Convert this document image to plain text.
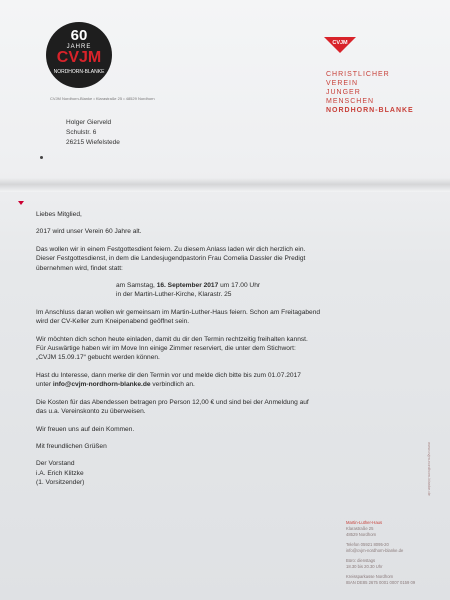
60
JAHRE
CVJM
NORDHORN-BLANKE
CVJM
CHRISTLICHER
VEREIN
JUNGER
MENSCHEN
NORDHORN-BLANKE
CVJM Nordhorn-Blanke • Klarastraße 25 • 48529 Nordhorn
Holger Gierveld
Schulstr. 6
26215 Wiefelstede

Liebes Mitglied,

2017 wird unser Verein 60 Jahre alt.

Das wollen wir in einem Festgottesdient feiern. Zu diesem Anlass laden wir dich herzlich ein.

Dieser Festgottesdienst, in dem die Landesjugendpastorin Frau Cornelia Dassler die Predigt

übernehmen wird, findet statt:

am Samstag, 16. September 2017 um 17.00 Uhr

in der Martin-Luther-Kirche, Klarastr. 25

Im Anschluss daran wollen wir gemeinsam im Martin-Luther-Haus feiern. Schon am Freitagabend

wird der CV-Keller zum Kneipenabend geöffnet sein.

Wir möchten dich schon heute einladen, damit du dir den Termin rechtzeitig freihalten kannst.

Für Auswärtige haben wir im Move Inn einige Zimmer reserviert, die unter dem Stichwort:

„CVJM 15.09.17“ gebucht werden können.

Hast du Interesse, dann merke dir den Termin vor und melde dich bitte bis zum 01.07.2017

unter info@cvjm-nordhorn-blanke.de verbindlich an.

Die Kosten für das Abendessen betragen pro Person 12,00 € und sind bei der Anmeldung auf

das u.a. Vereinskonto zu überweisen.

Wir freuen uns auf dein Kommen.

Mit freundlichen Grüßen

Der Vorstand

i.A. Erich Klitzke

(1. Vorsitzender)

Martin-Luther-Haus
Klarastraße 25
48529 Nordhorn
Telefon 05921 8095-20
info@cvjm-nordhorn-blanke.de
Büro: dienstags
18.30 bis 20.30 Uhr
Kreissparkasse Nordhorn
IBAN DE85 2675 0001 0007 0159 09
www.cvjm-nordhorn-blanke.de
